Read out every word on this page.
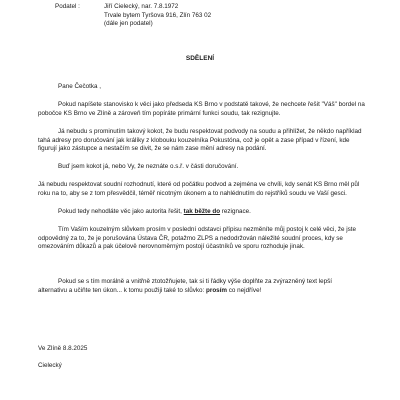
Podatel :	Jiří Cielecký, nar. 7.8.1972
Trvale bytem Tyršova 916, Zlín 763 02
(dále jen podatel)
SDĚLENÍ
Pane Čečotka ,
Pokud napíšete stanovisko k věci jako předseda KS Brno v podstatě takové, že nechcete řešit "Váš" bordel na
pobočce KS Brno ve Zlíně a zároveň tím popíráte primární funkci soudu, tak rezignujte.
Já nebudu s prominutím takový kokot, že budu respektovat podvody na soudu a přihlížet, že někdo například
tahá adresy pro doručování jak králíky z klobouku kouzelníka Pokustóna, což je opět a zase případ v řízení, kde
figurují jako zástupce a nestačím se divit, že se nám zase mění adresy na podání.
Buď jsem kokot já, nebo Vy, že neznáte o.s.ř. v části doručování.
Já nebudu respektovat soudní rozhodnutí, které od počátku podvod a zejména ve chvíli, kdy senát KS Brno měl půl
roku na to, aby se z tom přesvědčil, téměř nicotným úkonem a to nahlédnutím do rejstříků soudu ve Vaší gesci.
Pokud tedy nehodláte věc jako autorita řešit, tak běžte do rezignace.
Tím Vaším kouzelným slůvkem prosím v poslední odstavci přípisu nezměníte můj postoj k celé věci, že jste
odpovědný za to, že je porušována Ústava ČR, potažmo ZLPS a nedodržován náležité soudní proces, kdy se
omezováním důkazů a pak účelově nerovnoměrným postojí účastníků ve sporu rozhoduje jinak.
Pokud se s tím morálně a vnitřně ztotožňujete, tak si ti řádky výše doplňte za zvýrazněný text lepší
alternativu a učiňte ten úkon... k tomu použiji také to slůvko: prosím co nejdříve!
Ve Zlíně 8.8.2025
Cielecký
